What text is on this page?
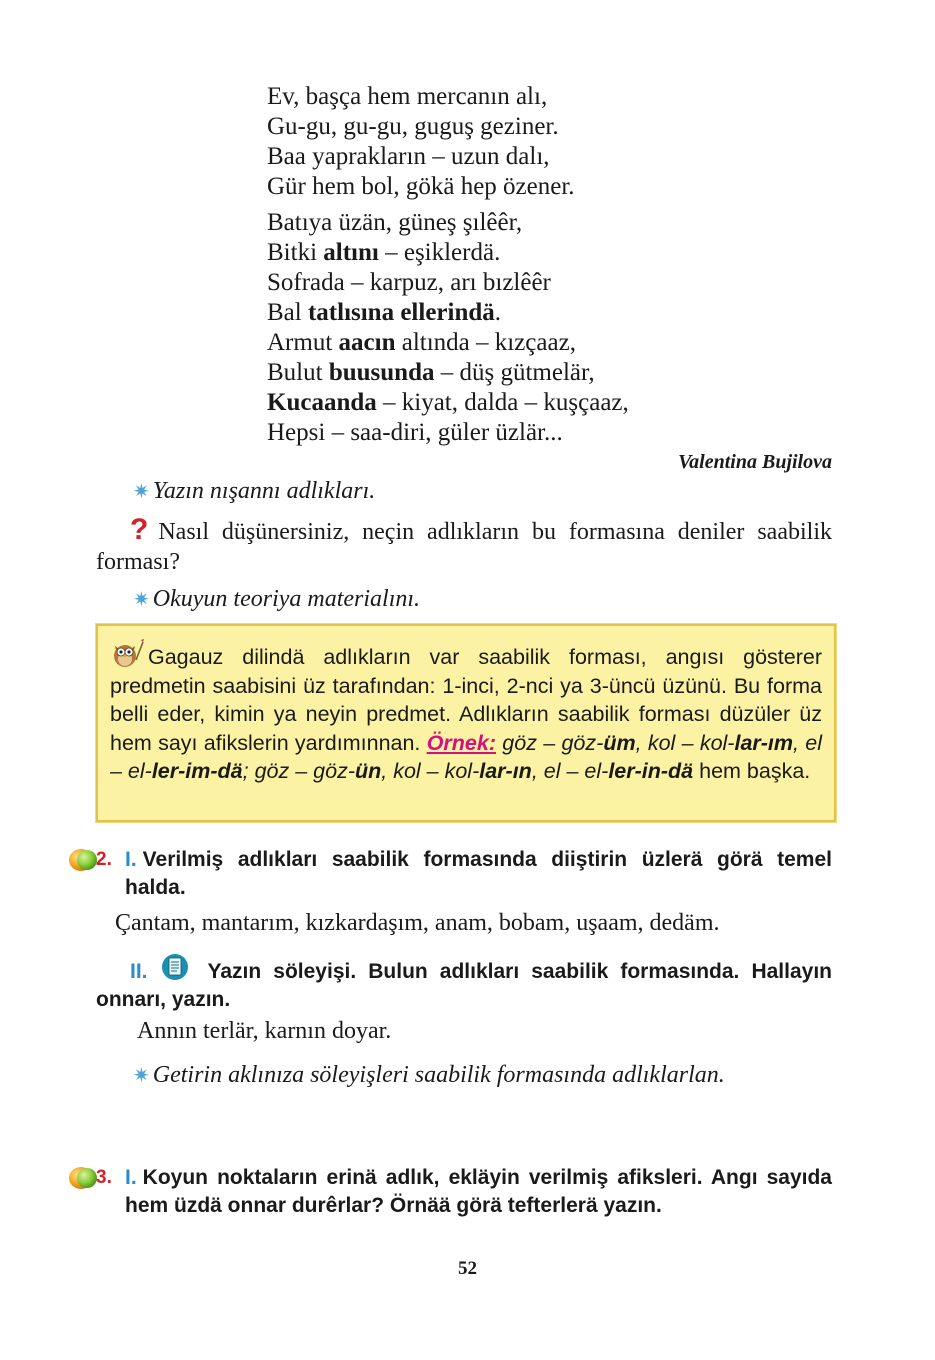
Ev, başça hem mercanın alı,
Gu-gu, gu-gu, guguş geziner.
Baa yaprakların – uzun dalı,
Gür hem bol, gökä hep özener.
Batıya üzän, güneş şılêêr,
Bitki altını – eşiklerdä.
Sofrada – karpuz, arı bızlêêr
Bal tatlısına ellerindä.
Armut aacın altında – kızçaaz,
Bulut buusunda – düş gütmelär,
Kucaanda – kiyat, dalda – kuşçaaz,
Hepsi – saa-diri, güler üzlär...
Valentina Bujilova
✷ Yazın nışannı adlıkları.
? Nasıl düşünersiniz, neçin adlıkların bu formasına deniler saabilik forması?
✷ Okuyun teoriya materialını.
Gagauz dilindä adlıkların var saabilik forması, angısı gösterer predmetin saabisini üz tarafından: 1-inci, 2-nci ya 3-üncü üzünü. Bu forma belli eder, kimin ya neyin predmet. Adlıkların saabilik forması düzüler üz hem sayı afikslerin yardımınnan. Örnek: göz – göz-üm, kol – kol-lar-ım, el – el-ler-im-dä; göz – göz-ün, kol – kol-lar-ın, el – el-ler-in-dä hem başka.
2. I. Verilmiş adlıkları saabilik formasında diiştirin üzlerä görä temel halda.
Çantam, mantarım, kızkardaşım, anam, bobam, uşaam, dedäm.
II.	Yazın söleyişi. Bulun adlıkları saabilik formasında. Hallayın onnarı, yazın.
Annın terlär, karnın doyar.
✷ Getirin aklınıza söleyişleri saabilik formasında adlıklarlan.
3. I. Koyun noktaların erinä adlık, ekläyin verilmiş afiksleri. Angı sayıda hem üzdä onnar durêrlar? Örnää görä tefterlerä yazın.
52
